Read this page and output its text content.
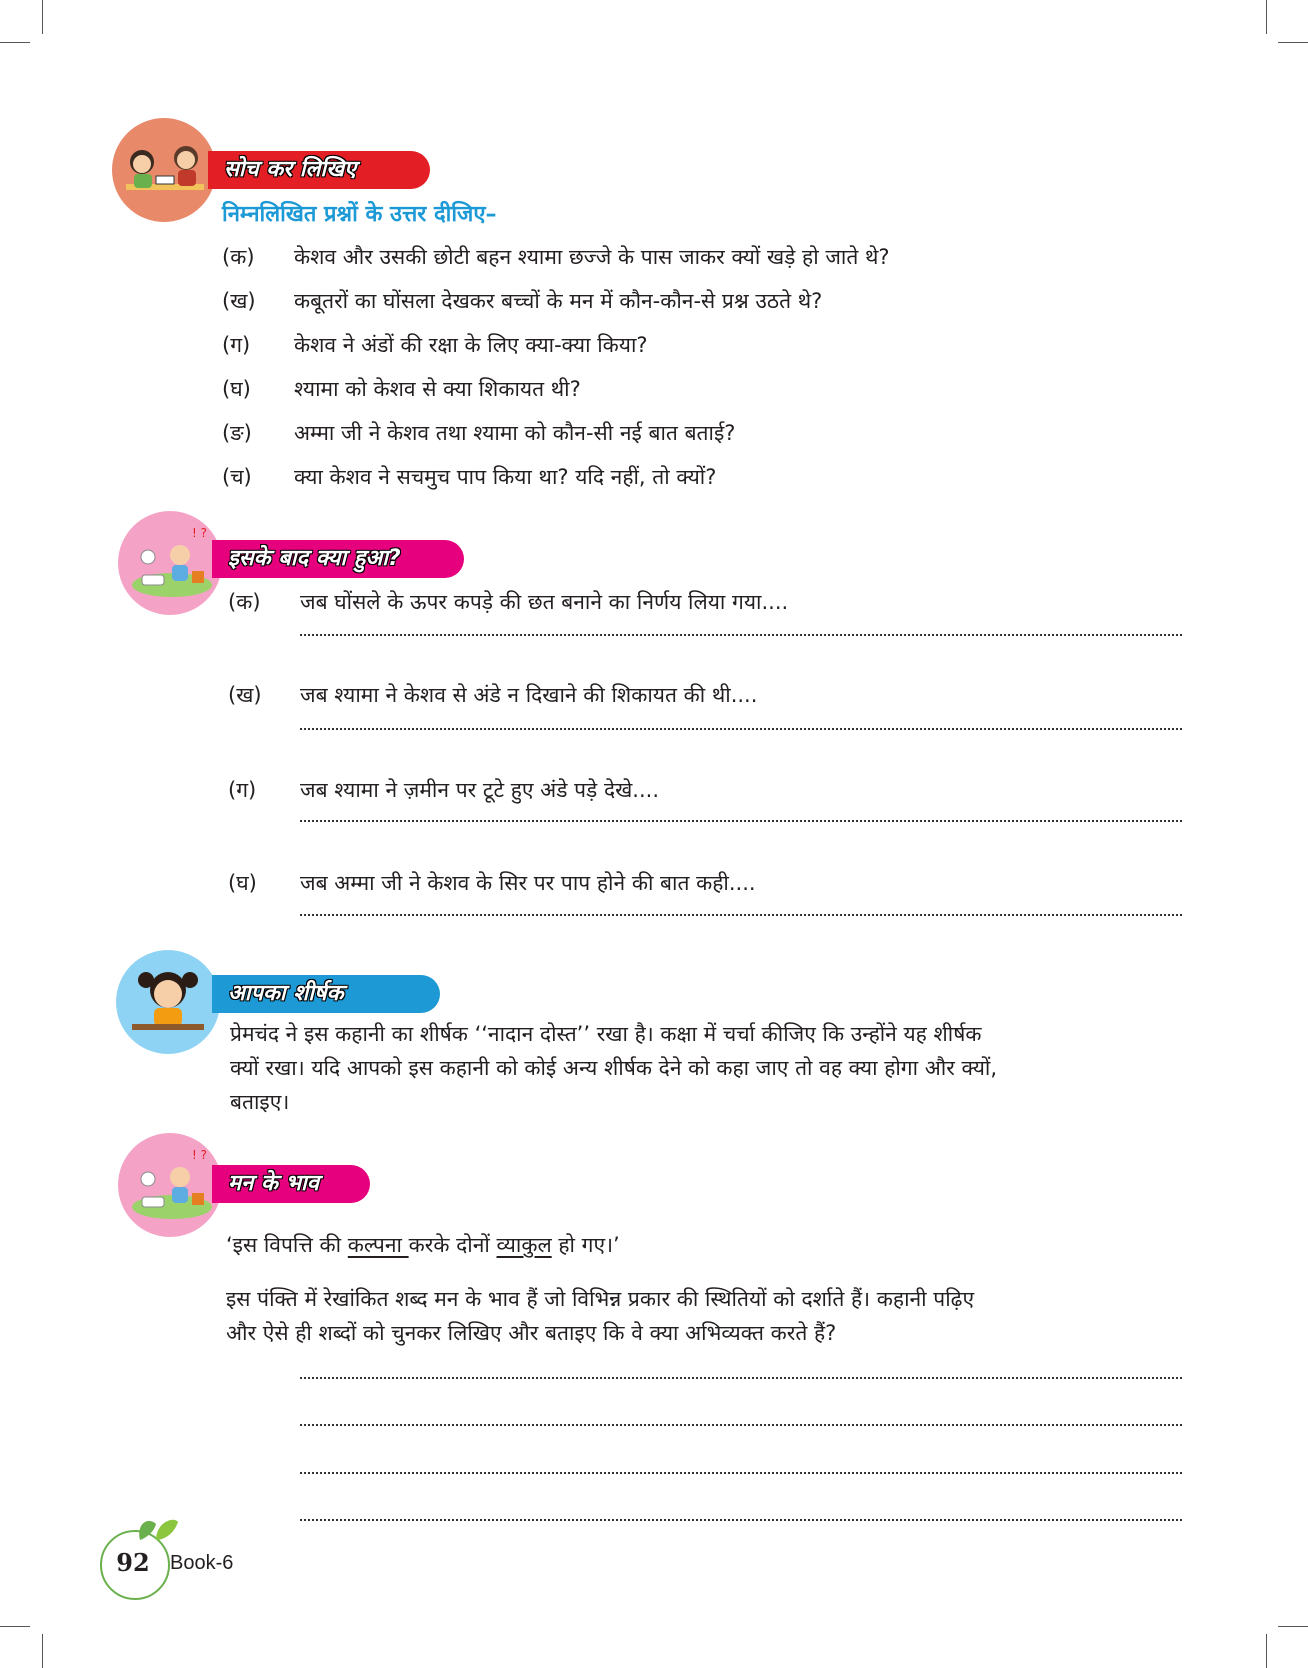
सोच कर लिखिए
निम्नलिखित प्रश्नों के उत्तर दीजिए–
(क) केशव और उसकी छोटी बहन श्यामा छज्जे के पास जाकर क्यों खड़े हो जाते थे?
(ख) कबूतरों का घोंसला देखकर बच्चों के मन में कौन-कौन-से प्रश्न उठते थे?
(ग) केशव ने अंडों की रक्षा के लिए क्या-क्या किया?
(घ) श्यामा को केशव से क्या शिकायत थी?
(ङ) अम्मा जी ने केशव तथा श्यामा को कौन-सी नई बात बताई?
(च) क्या केशव ने सचमुच पाप किया था? यदि नहीं, तो क्यों?
! ?
इसके बाद क्या हुआ?
(क) जब घोंसले के ऊपर कपड़े की छत बनाने का निर्णय लिया गया....
(ख) जब श्यामा ने केशव से अंडे न दिखाने की शिकायत की थी....
(ग) जब श्यामा ने ज़मीन पर टूटे हुए अंडे पड़े देखे....
(घ) जब अम्मा जी ने केशव के सिर पर पाप होने की बात कही....
आपका शीर्षक
प्रेमचंद ने इस कहानी का शीर्षक ‘‘नादान दोस्त’’ रखा है। कक्षा में चर्चा कीजिए कि उन्होंने यह शीर्षक
क्यों रखा। यदि आपको इस कहानी को कोई अन्य शीर्षक देने को कहा जाए तो वह क्या होगा और क्यों,
बताइए।
! ?
मन के भाव
‘इस विपत्ति की कल्पना करके दोनों व्याकुल हो गए।’
इस पंक्ति में रेखांकित शब्द मन के भाव हैं जो विभिन्न प्रकार की स्थितियों को दर्शाते हैं। कहानी पढ़िए
और ऐसे ही शब्दों को चुनकर लिखिए और बताइए कि वे क्या अभिव्यक्त करते हैं?
92	Book-6
